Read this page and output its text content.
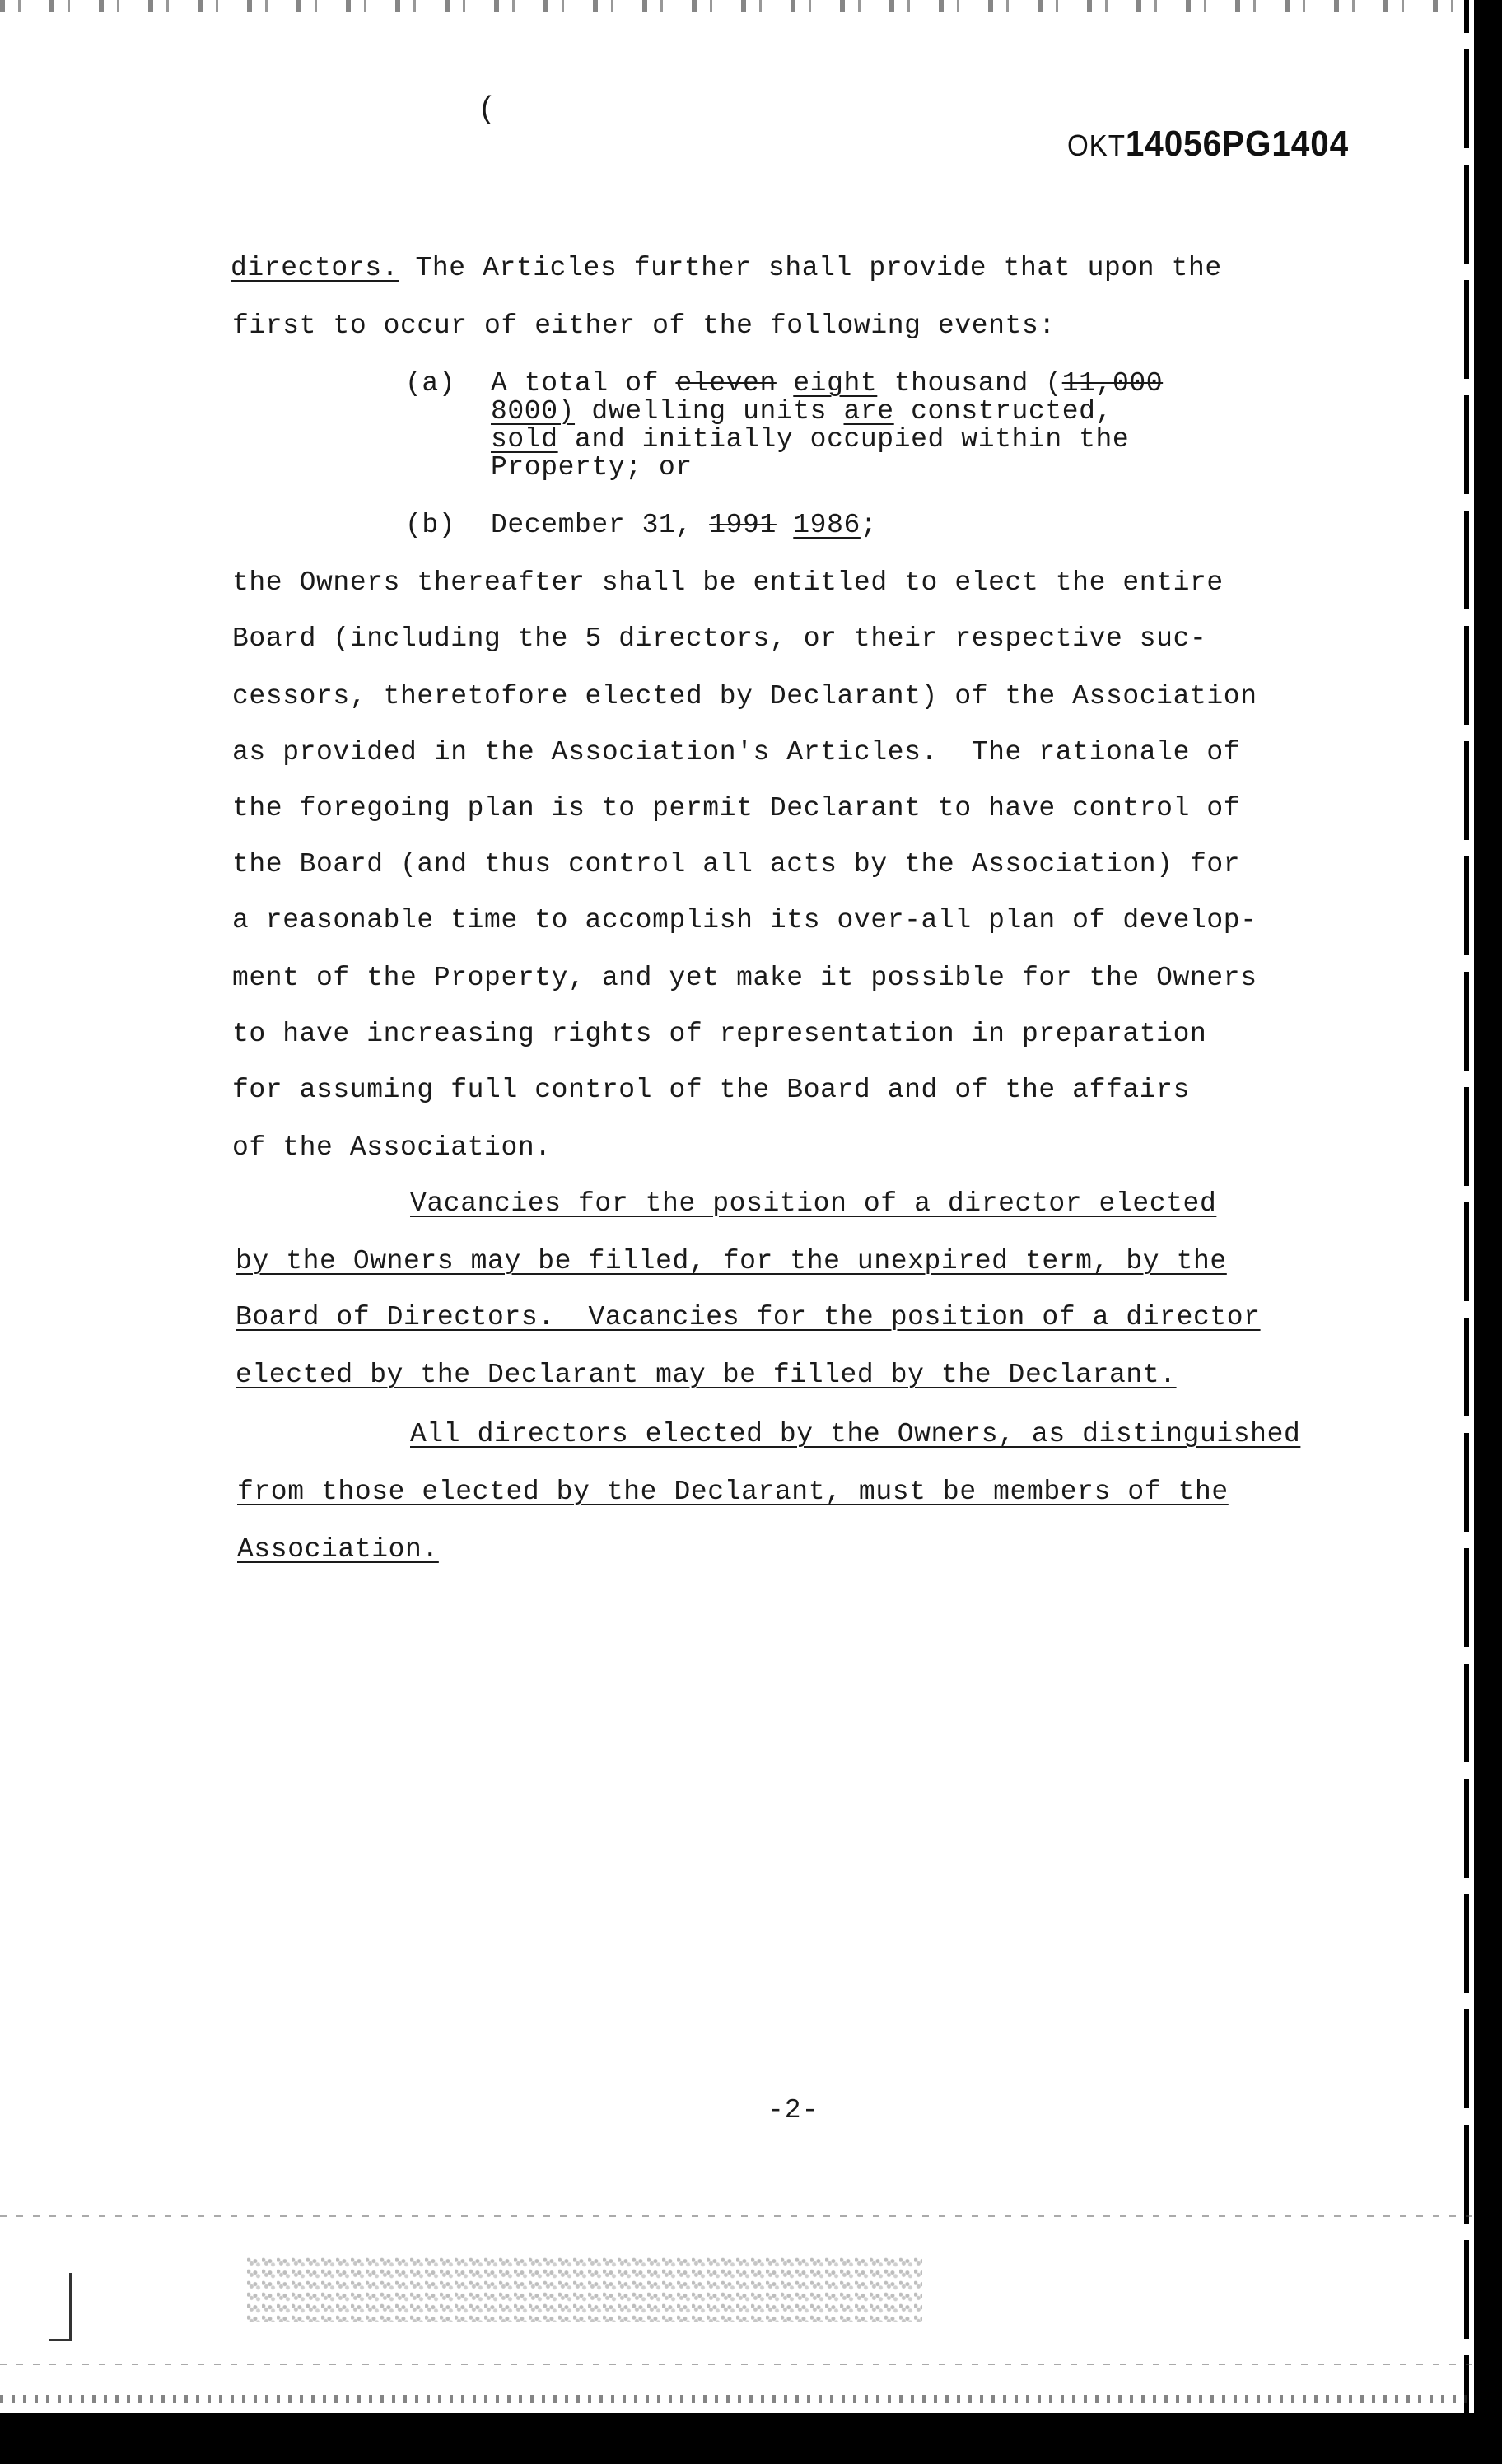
(
OKT14056PG1404
directors. The Articles further shall provide that upon the
first to occur of either of the following events:
(a) A total of eleven eight thousand (11,000
8000) dwelling units are constructed,
sold and initially occupied within the
Property; or
(b) December 31, 1991 1986;
the Owners thereafter shall be entitled to elect the entire
Board (including the 5 directors, or their respective suc-
cessors, theretofore elected by Declarant) of the Association
as provided in the Association's Articles.  The rationale of
the foregoing plan is to permit Declarant to have control of
the Board (and thus control all acts by the Association) for
a reasonable time to accomplish its over-all plan of develop-
ment of the Property, and yet make it possible for the Owners
to have increasing rights of representation in preparation
for assuming full control of the Board and of the affairs
of the Association.
Vacancies for the position of a director elected
by the Owners may be filled, for the unexpired term, by the
Board of Directors.  Vacancies for the position of a director
elected by the Declarant may be filled by the Declarant.
All directors elected by the Owners, as distinguished
from those elected by the Declarant, must be members of the
Association.
-2-
